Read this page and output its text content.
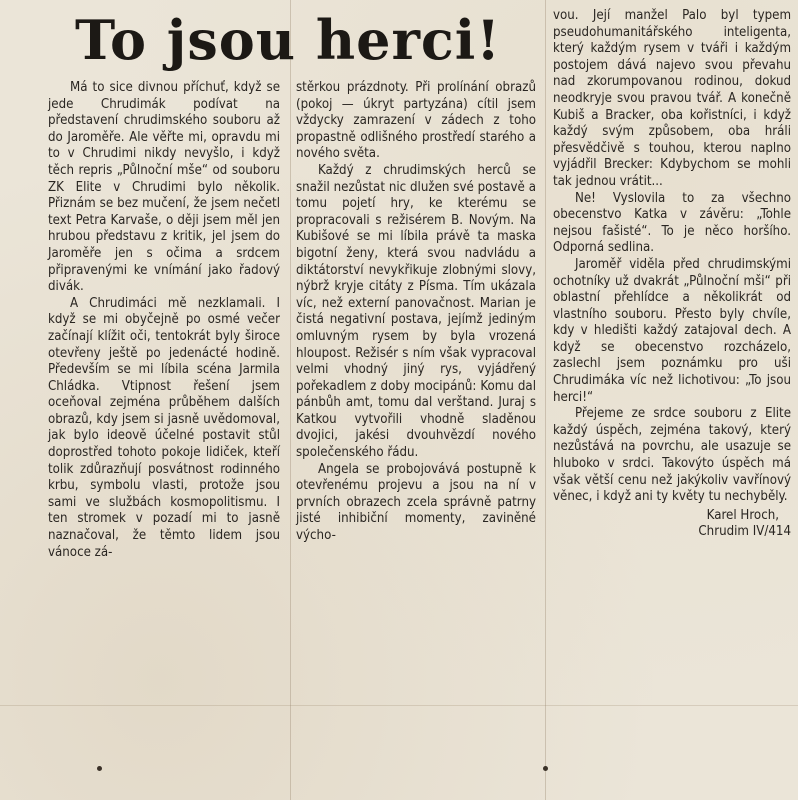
To jsou herci!

Má to sice divnou příchuť, když se jede Chrudimák podívat na představení chrudimského souboru až do Jaroměře. Ale věřte mi, opravdu mi to v Chrudimi nikdy nevyšlo, i když těch repris „Půlnoční mše“ od souboru ZK Elite v Chrudimi bylo několik. Přiznám se bez mučení, že jsem nečetl text Petra Karvaše, o ději jsem měl jen hrubou představu z kritik, jel jsem do Jaroměře jen s očima a srdcem připravenými ke vnímání jako řadový divák.

A Chrudimáci mě nezklamali. I když se mi obyčejně po osmé večer začínají klížit oči, tentokrát byly široce otevřeny ještě po jedenácté hodině. Především se mi líbila scéna Jarmila Chládka. Vtipnost řešení jsem oceňoval zejména průběhem dalších obrazů, kdy jsem si jasně uvědomoval, jak bylo ideově účelné postavit stůl doprostřed tohoto pokoje lidiček, kteří tolik zdůrazňují posvátnost rodinného krbu, symbolu vlasti, protože jsou sami ve službách kosmopolitismu. I ten stromek v pozadí mi to jasně naznačoval, že těmto lidem jsou vánoce zá-

stěrkou prázdnoty. Při prolínání obrazů (pokoj — úkryt partyzána) cítil jsem vždycky zamrazení v zádech z toho propastně odlišného prostředí starého a nového světa.

Každý z chrudimských herců se snažil nezůstat nic dlužen své postavě a tomu pojetí hry, ke kterému se propracovali s režisérem B. Novým. Na Kubišové se mi líbila právě ta maska bigotní ženy, která svou nadvládu a diktátorství nevykřikuje zlobnými slovy, nýbrž kryje citáty z Písma. Tím ukázala víc, než externí panovačnost. Marian je čistá negativní postava, jejímž jediným omluvným rysem by byla vrozená hloupost. Režisér s ním však vypracoval velmi vhodný jiný rys, vyjádřený pořekadlem z doby mocipánů: Komu dal pánbůh amt, tomu dal verštand. Juraj s Katkou vytvořili vhodně sladěnou dvojici, jakési dvouhvězdí nového společenského řádu.

Angela se probojovává postupně k otevřenému projevu a jsou na ní v prvních obrazech zcela správně patrny jisté inhibiční momenty, zaviněné výcho-

vou. Její manžel Palo byl typem pseudohumanitářského inteligenta, který každým rysem v tváři i každým postojem dává najevo svou převahu nad zkorumpovanou rodinou, dokud neodkryje svou pravou tvář. A konečně Kubiš a Bracker, oba kořistníci, i když každý svým způsobem, oba hráli přesvědčivě s touhou, kterou naplno vyjádřil Brecker: Kdybychom se mohli tak jednou vrátit...

Ne! Vyslovila to za všechno obecenstvo Katka v závěru: „Tohle nejsou fašisté“. To je něco horšího. Odporná sedlina.

Jaroměř viděla před chrudimskými ochotníky už dvakrát „Půlnoční mši“ při oblastní přehlídce a několikrát od vlastního souboru. Přesto byly chvíle, kdy v hledišti každý zatajoval dech. A když se obecenstvo rozcházelo, zaslechl jsem poznámku pro uši Chrudimáka víc než lichotivou: „To jsou herci!“

Přejeme ze srdce souboru z Elite každý úspěch, zejména takový, který nezůstává na povrchu, ale usazuje se hluboko v srdci. Takovýto úspěch má však větší cenu než jakýkoliv vavřínový věnec, i když ani ty květy tu nechyběly.

Karel Hroch,
Chrudim IV/414
